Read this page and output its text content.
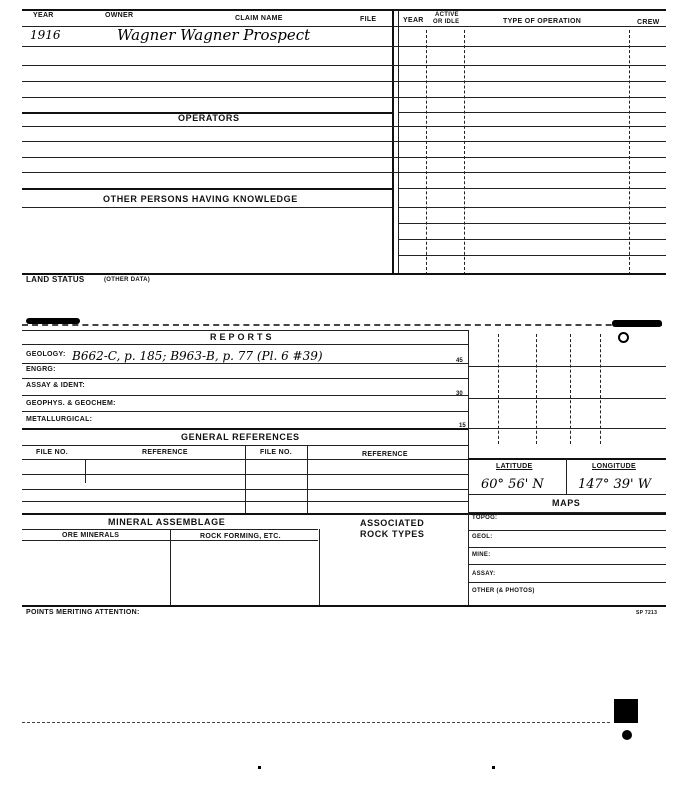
YEAR	OWNER	CLAIM NAME	FILE	YEAR
ACTIVE
OR IDLE	TYPE OF OPERATION	CREW
1916	Wagner Wagner Prospect
OPERATORS
OTHER PERSONS HAVING KNOWLEDGE
LAND STATUS	(OTHER DATA)
REPORTS
GEOLOGY: B662-C, p. 185; B963-B, p. 77 (Pl. 6 #39)	45
ENGRG:
ASSAY & IDENT:
30
GEOPHYS. & GEOCHEM:
METALLURGICAL:
15
GENERAL REFERENCES
FILE NO.	REFERENCE	FILE NO.	REFERENCE
LATITUDE	LONGITUDE
60° 56' N	147° 39' W
MAPS
TOPOG:
GEOL:
MINE:
ASSAY:
OTHER (& PHOTOS)
MINERAL ASSEMBLAGE	ASSOCIATED
ROCK TYPES
ORE MINERALS	ROCK FORMING, ETC.
POINTS MERITING ATTENTION:	SP 7213
